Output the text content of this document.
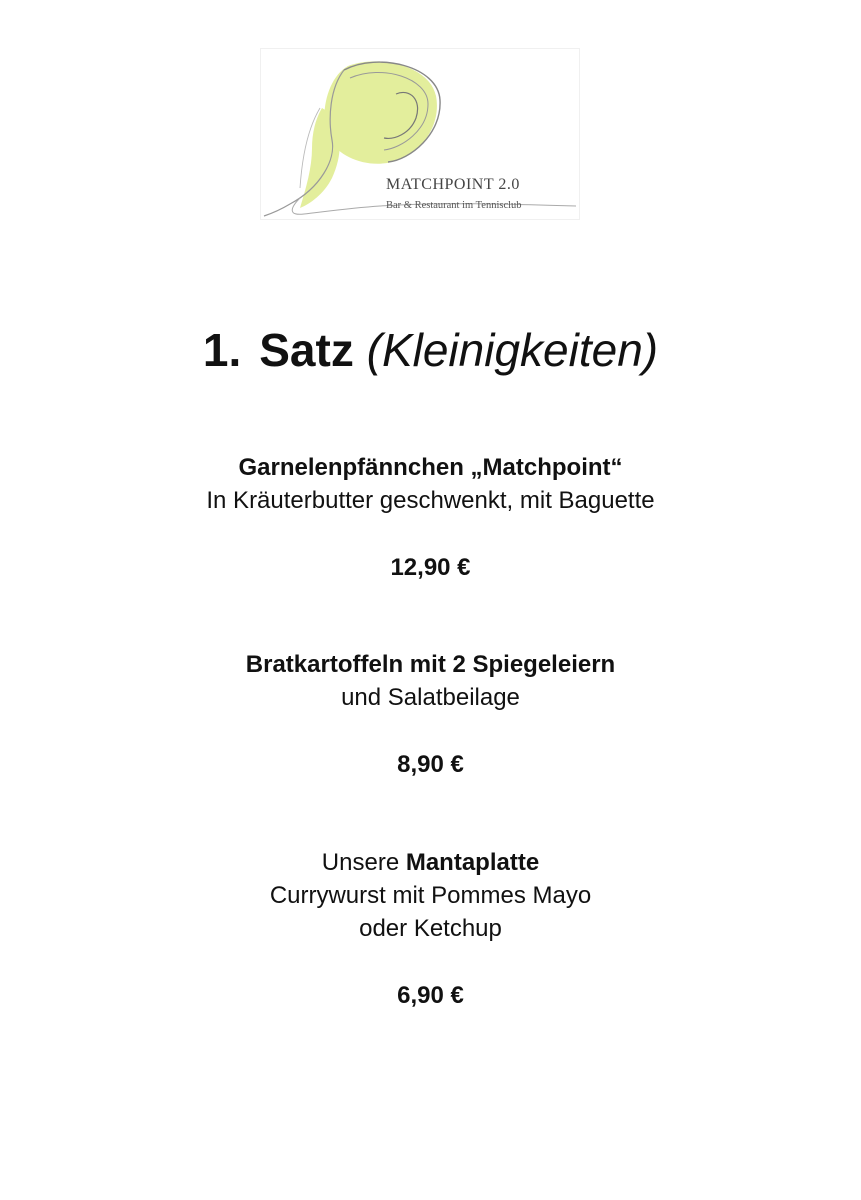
MATCHPOINT 2.0
Bar & Restaurant im Tennisclub
1. Satz (Kleinigkeiten)
Garnelenpfännchen „Matchpoint“
In Kräuterbutter geschwenkt, mit Baguette
12,90 €
Bratkartoffeln mit 2 Spiegeleiern
und Salatbeilage
8,90 €
Unsere Mantaplatte
Currywurst mit Pommes Mayo
oder Ketchup
6,90 €
